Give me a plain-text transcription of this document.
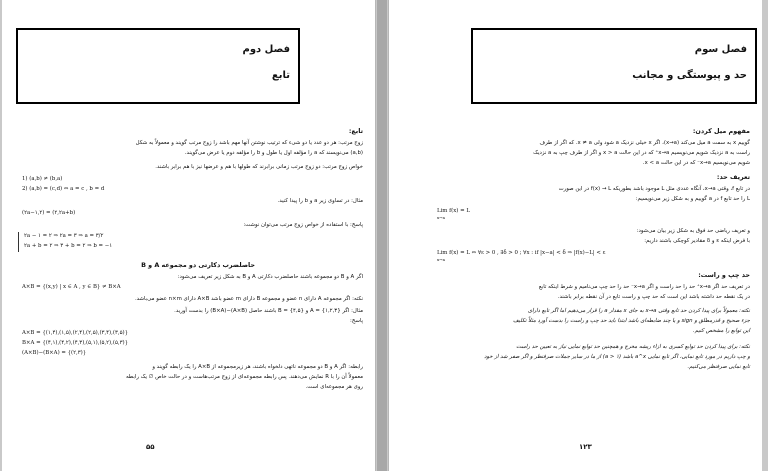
فصل دوم
تابع
تابع:
زوج مرتب: هر دو عدد یا دو شیء که ترتیب نوشتن آنها مهم باشد را زوج مرتب گویند و معمولاً به شکل
(a,b) می‌نویسند که a را مؤلفه اول یا طول و b را مؤلفه دوم یا عرض می‌گویند.
خواص زوج مرتب: دو زوج مرتب زمانی برابرند که طولها با هم و عرضها نیز با هم برابر باشند.
1) (a,b) ≠ (b,a)
2) (a,b) = (c,d) ⇔ a = c , b = d
مثال: در تساوی زیر a و b را پیدا کنید.
(۲a−۱,۲) = (۲,۲a+b)
پاسخ: با استفاده از خواص زوج مرتب می‌توان نوشت:
۲a − ۱ = ۲ ⇒ ۲a = ۳ ⇒ a = ۳/۲
۲a + b = ۲ ⇒ ۳ + b = ۲ ⇒ b = −۱
حاصلضرب دکارتی دو مجموعه A و B
اگر A و B دو مجموعه باشند حاصلضرب دکارتی A و B به شکل زیر تعریف می‌شود:
A×B = {(x,y) | x ∈ A , y ∈ B} ≠ B×A
نکته: اگر مجموعه A دارای n عضو و مجموعه B دارای m عضو باشد A×B دارای n×m عضو می‌باشد.
مثال: اگر {۱,۲,۳} = A و {۴,۵} = B باشند حاصل (A×B)−(B×A) را بدست آورید.
پاسخ:
A×B = {(۱,۴),(۱,۵),(۲,۴),(۲,۵),(۳,۴),(۳,۵)}
B×A = {(۴,۱),(۴,۲),(۴,۳),(۵,۱),(۵,۲),(۵,۳)}
(A×B)−(B×A) = {(۲,۳)}
رابطه: اگر A و B دو مجموعه ناتهی دلخواه باشند، هر زیرمجموعه از A×B را یک رابطه گویند و
معمولاً آن را با R نمایش می‌دهند. پس رابطه مجموعه‌ای از زوج مرتب‌هاست و در حالت خاص ∅ یک رابطه
روی هر مجموعه‌ای است.
۵۵
فصل سوم
حد و پیوستگی و مجانب
مفهوم میل کردن:
گوییم x به سمت a میل می‌کند (x→a)، اگر x خیلی نزدیک a شود ولی x ≠ a. که اگر از طرف
راست به a نزدیک شویم می‌نویسیم x→a⁺ که در این حالت x > a و اگر از طرف چپ به a نزدیک
شویم می‌نویسیم x→a⁻ که در این حالت x < a.
تعریف حد:
در تابع f، وقتی x→a، آنگاه عددی مثل L موجود باشد بطوریکه f(x) → L در این صورت
L را حد تابع f در a گوییم و به شکل زیر می‌نویسیم:
Lim f(x) = L
x→a
و تعریف ریاضی حد فوق به شکل زیر بیان می‌شود:
با فرض اینکه ε و δ مقادیر کوچکی باشند داریم:
Lim f(x) = L ⇔ ∀ε > 0 , ∃δ > 0 ; ∀x : if |x−a| < δ ⇒ |f(x)−L| < ε
x→a
حد چپ و راست:
در تعریف حد اگر x→a⁺ حد را حد راست و اگر x→a⁻ حد را حد چپ می‌نامیم و شرط اینکه تابع
در یک نقطه حد داشته باشد این است که حد چپ و راست تابع در آن نقطه برابر باشند.
نکته: معمولاً برای پیدا کردن حد تابع وقتی x→a به جای x مقدار a را قرار می‌دهیم اما اگر تابع دارای
جزء صحیح و قدرمطلق و sign و یا چند ضابطه‌ای باشد ابتدا باید حد چپ و راست را بدست آورد مثلاً تکلیف
این توابع را مشخص کنیم.
نکته: برای پیدا کردن حد توابع کسری به ازاء ریشه مخرج و همچنین حد توابع نمایی نیاز به تعیین حد راست
و چپ داریم در مورد تابع نمایی، اگر تابع نمایی a^x باشد (a > ۱) از ما در سایر جملات صرفنظر و اگر صفر شد از خود
تابع نمایی صرفنظر می‌کنیم.
۱۲۳
